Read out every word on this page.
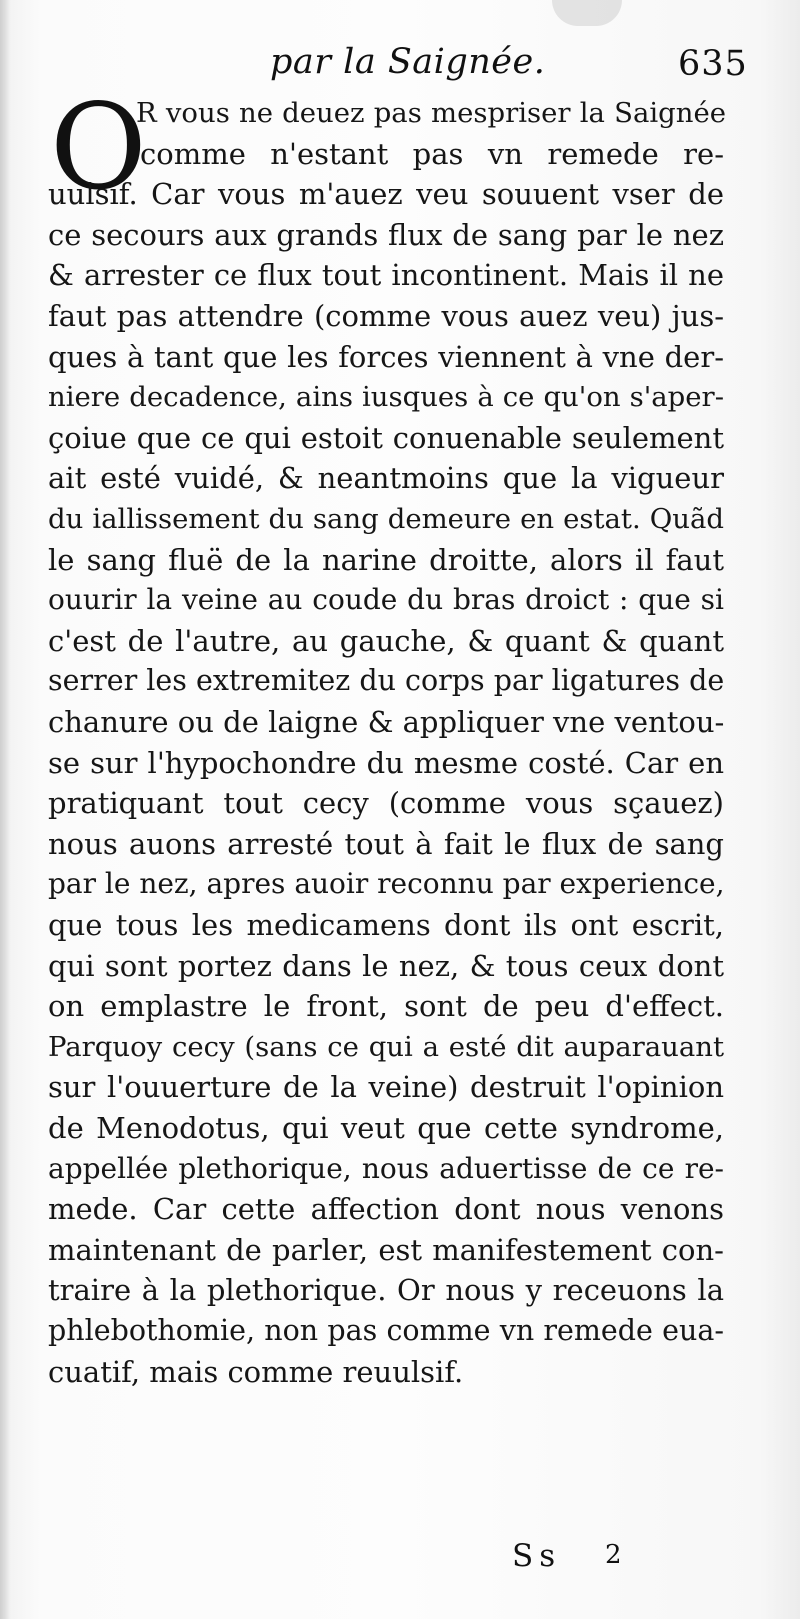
par la Saignée.	635
O
R vous ne deuez pas mespriser la Saignée
comme n'estant pas vn remede re-
uulsif. Car vous m'auez veu souuent vser de
ce secours aux grands flux de sang par le nez
& arrester ce flux tout incontinent. Mais il ne
faut pas attendre (comme vous auez veu) jus-
ques à tant que les forces viennent à vne der-
niere decadence, ains iusques à ce qu'on s'aper-
çoiue que ce qui estoit conuenable seulement
ait esté vuidé, & neantmoins que la vigueur
du iallissement du sang demeure en estat. Quãd
le sang fluë de la narine droitte, alors il faut
ouurir la veine au coude du bras droict : que si
c'est de l'autre, au gauche, & quant & quant
serrer les extremitez du corps par ligatures de
chanure ou de laigne & appliquer vne ventou-
se sur l'hypochondre du mesme costé. Car en
pratiquant tout cecy (comme vous sçauez)
nous auons arresté tout à fait le flux de sang
par le nez, apres auoir reconnu par experience,
que tous les medicamens dont ils ont escrit,
qui sont portez dans le nez, & tous ceux dont
on emplastre le front, sont de peu d'effect.
Parquoy cecy (sans ce qui a esté dit auparauant
sur l'ouuerture de la veine) destruit l'opinion
de Menodotus, qui veut que cette syndrome,
appellée plethorique, nous aduertisse de ce re-
mede. Car cette affection dont nous venons
maintenant de parler, est manifestement con-
traire à la plethorique. Or nous y receuons la
phlebothomie, non pas comme vn remede eua-
cuatif, mais comme reuulsif.
Ss 2
